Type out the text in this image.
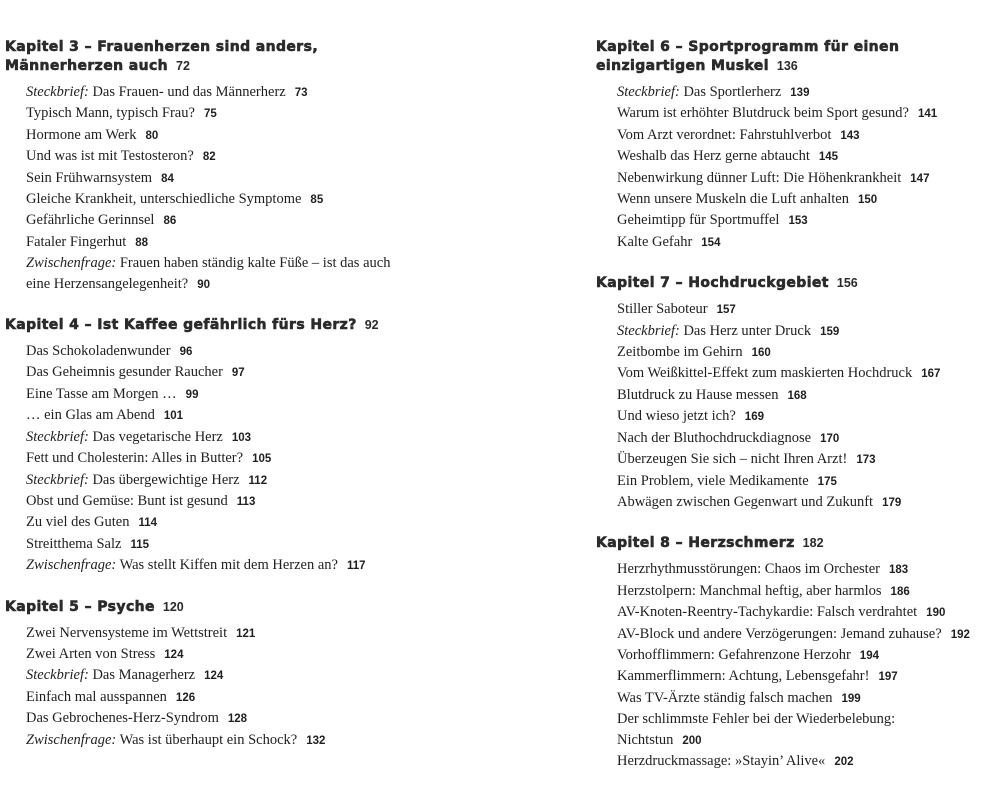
Kapitel 3 – Frauenherzen sind anders,
Männerherzen auch 72
Steckbrief: Das Frauen- und das Männerherz 73
Typisch Mann, typisch Frau? 75
Hormone am Werk 80
Und was ist mit Testosteron? 82
Sein Frühwarnsystem 84
Gleiche Krankheit, unterschiedliche Symptome 85
Gefährliche Gerinnsel 86
Fataler Fingerhut 88
Zwischenfrage: Frauen haben ständig kalte Füße – ist das auch
eine Herzensangelegenheit? 90
Kapitel 4 – Ist Kaffee gefährlich fürs Herz? 92
Das Schokoladenwunder 96
Das Geheimnis gesunder Raucher 97
Eine Tasse am Morgen … 99
… ein Glas am Abend 101
Steckbrief: Das vegetarische Herz 103
Fett und Cholesterin: Alles in Butter? 105
Steckbrief: Das übergewichtige Herz 112
Obst und Gemüse: Bunt ist gesund 113
Zu viel des Guten 114
Streitthema Salz 115
Zwischenfrage: Was stellt Kiffen mit dem Herzen an? 117
Kapitel 5 – Psyche 120
Zwei Nervensysteme im Wettstreit 121
Zwei Arten von Stress 124
Steckbrief: Das Managerherz 124
Einfach mal ausspannen 126
Das Gebrochenes-Herz-Syndrom 128
Zwischenfrage: Was ist überhaupt ein Schock? 132
Kapitel 6 – Sportprogramm für einen
einzigartigen Muskel 136
Steckbrief: Das Sportlerherz 139
Warum ist erhöhter Blutdruck beim Sport gesund? 141
Vom Arzt verordnet: Fahrstuhlverbot 143
Weshalb das Herz gerne abtaucht 145
Nebenwirkung dünner Luft: Die Höhenkrankheit 147
Wenn unsere Muskeln die Luft anhalten 150
Geheimtipp für Sportmuffel 153
Kalte Gefahr 154
Kapitel 7 – Hochdruckgebiet 156
Stiller Saboteur 157
Steckbrief: Das Herz unter Druck 159
Zeitbombe im Gehirn 160
Vom Weißkittel-Effekt zum maskierten Hochdruck 167
Blutdruck zu Hause messen 168
Und wieso jetzt ich? 169
Nach der Bluthochdruckdiagnose 170
Überzeugen Sie sich – nicht Ihren Arzt! 173
Ein Problem, viele Medikamente 175
Abwägen zwischen Gegenwart und Zukunft 179
Kapitel 8 – Herzschmerz 182
Herzrhythmusstörungen: Chaos im Orchester 183
Herzstolpern: Manchmal heftig, aber harmlos 186
AV-Knoten-Reentry-Tachykardie: Falsch verdrahtet 190
AV-Block und andere Verzögerungen: Jemand zuhause? 192
Vorhofflimmern: Gefahrenzone Herzohr 194
Kammerflimmern: Achtung, Lebensgefahr! 197
Was TV-Ärzte ständig falsch machen 199
Der schlimmste Fehler bei der Wiederbelebung:
Nichtstun 200
Herzdruckmassage: »Stayin’ Alive« 202
